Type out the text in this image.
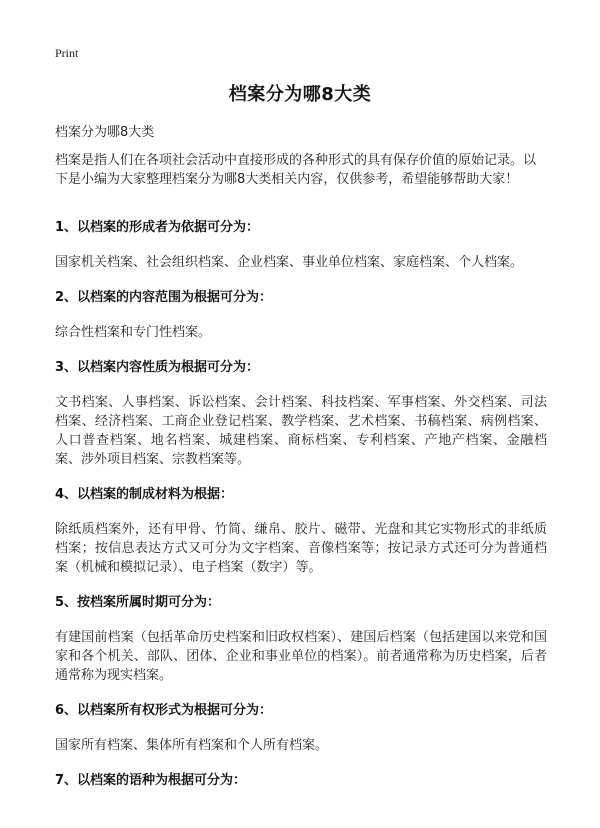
Print
档案分为哪8大类
档案分为哪8大类

档案是指人们在各项社会活动中直接形成的各种形式的具有保存价值的原始记录。以下是小编为大家整理档案分为哪8大类相关内容，仅供参考，希望能够帮助大家！

1、以档案的形成者为依据可分为：

国家机关档案、社会组织档案、企业档案、事业单位档案、家庭档案、个人档案。

2、以档案的内容范围为根据可分为：

综合性档案和专门性档案。

3、以档案内容性质为根据可分为：

文书档案、人事档案、诉讼档案、会计档案、科技档案、军事档案、外交档案、司法档案、经济档案、工商企业登记档案、教学档案、艺术档案、书稿档案、病例档案、人口普查档案、地名档案、城建档案、商标档案、专利档案、产地产档案、金融档案、涉外项目档案、宗教档案等。

4、以档案的制成材料为根据：

除纸质档案外，还有甲骨、竹简、缣帛、胶片、磁带、光盘和其它实物形式的非纸质档案；按信息表达方式又可分为文字档案、音像档案等；按记录方式还可分为普通档案（机械和模拟记录）、电子档案（数字）等。

5、按档案所属时期可分为：

有建国前档案（包括革命历史档案和旧政权档案）、建国后档案（包括建国以来党和国家和各个机关、部队、团体、企业和事业单位的档案）。前者通常称为历史档案，后者通常称为现实档案。

6、以档案所有权形式为根据可分为：

国家所有档案、集体所有档案和个人所有档案。

7、以档案的语种为根据可分为：
